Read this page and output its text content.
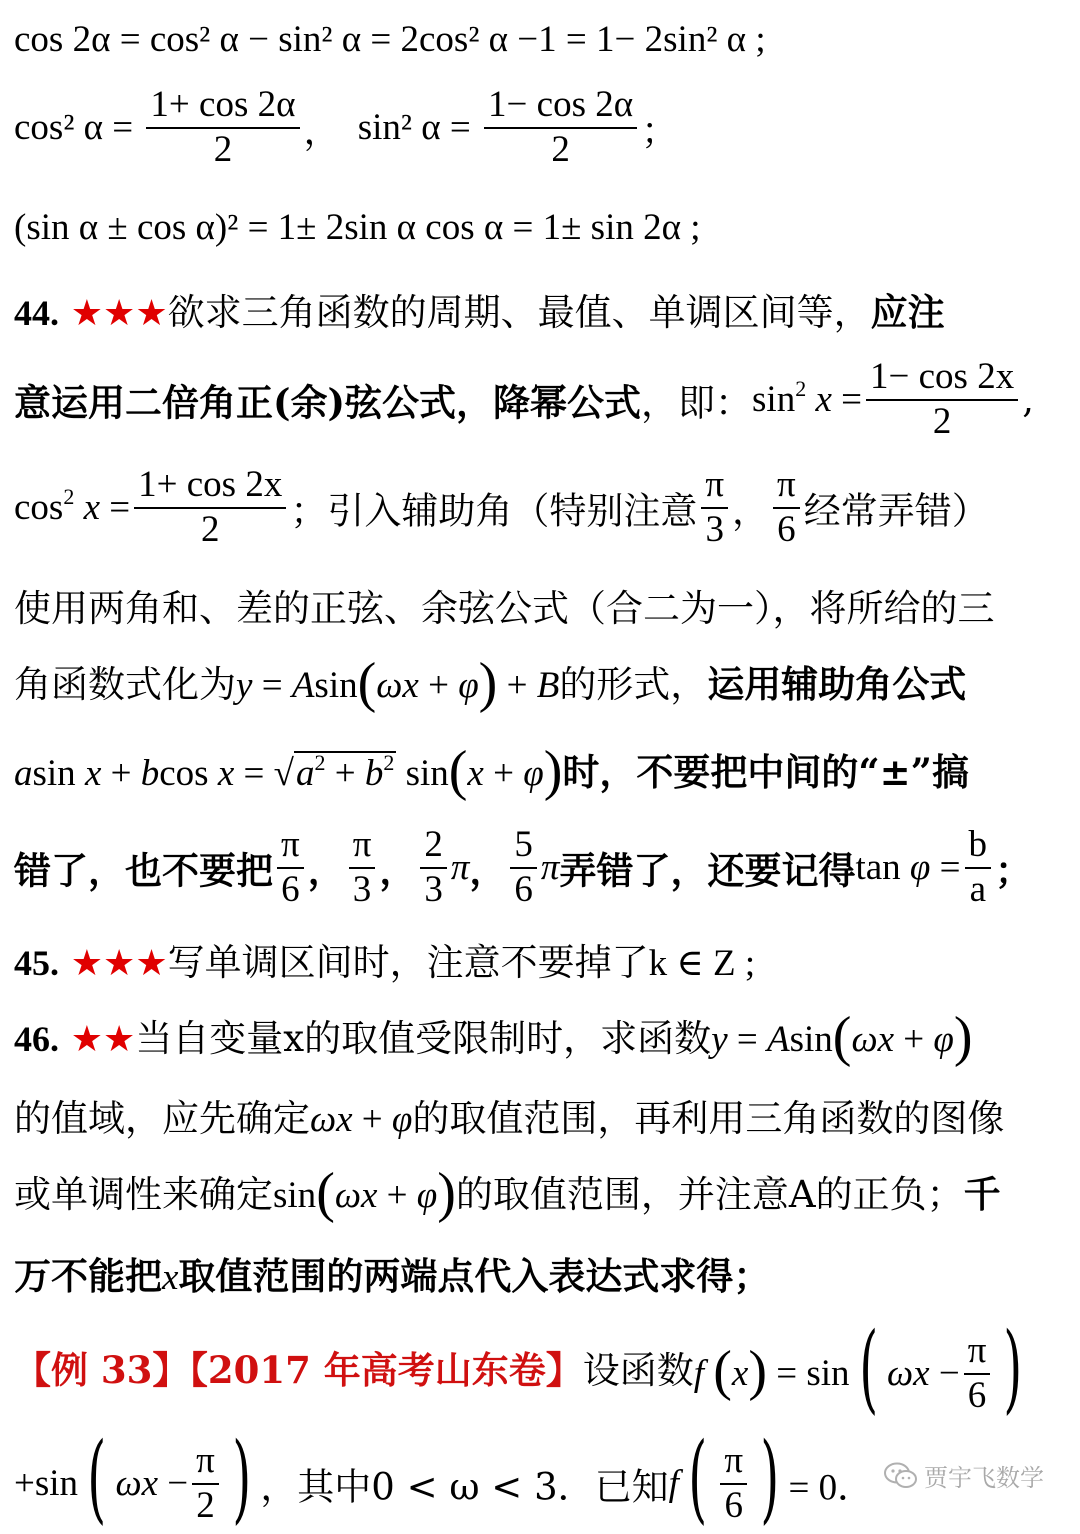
cos 2α = cos² α − sin² α = 2cos² α −1 = 1− 2sin² α ;
cos² $\alpha = \frac{1+ \cos 2\alpha}{2}$ ， sin² $\alpha = \frac{1- \cos 2\alpha}{2}$ ；
(sin α ± cos α)² = 1± 2sin α cos α = 1± sin 2α ;
44. ★★★欲求三角函数的周期、最值、单调区间等，应注
意运用二倍角正(余)弦公式，降幂公式，即：$\sin^2 x = \frac{1- \cos 2x}{2}$ ,
$\cos^2 x = \frac{1+ \cos 2x}{2}$ ；引入辅助角（特别注意 $\frac{\pi}{3}$ ， $\frac{\pi}{6}$ 经常弄错）
使用两角和、差的正弦、余弦公式（合二为一），将所给的三
角函数式化为y = Asin(ωx + φ) + B的形式，运用辅助角公式
asin x + bcos $x = √a^2 + b^2$ sin(x + φ)时，不要把中间的“±”搞
错了，也不要把 $\frac{\pi}{6}$ ， $\frac{\pi}{3}$ ， $\frac{2}{3}$ π， $\frac{5}{6}$ π弄错了，还要记得$\tan \varphi = \frac{b}{a}$ ；
45. ★★★写单调区间时，注意不要掉了k ∈ Z ;
46. ★★当自变量x的取值受限制时，求函数y = Asin(ωx + φ)
的值域，应先确定ωx + φ的取值范围，再利用三角函数的图像
或单调性来确定sin(ωx + φ)的取值范围，并注意A的正负；千
万不能把x取值范围的两端点代入表达式求得；
【例 33】【2017 年高考山东卷】设函数f (x) = sin( $\omega x - \frac{\pi}{6}$ )
+sin( $\omega x - \frac{\pi}{2}$ ) ，其中0 < ω < 3．已知$f( \frac{\pi}{6}$ ) = 0．	贾宇飞数学
